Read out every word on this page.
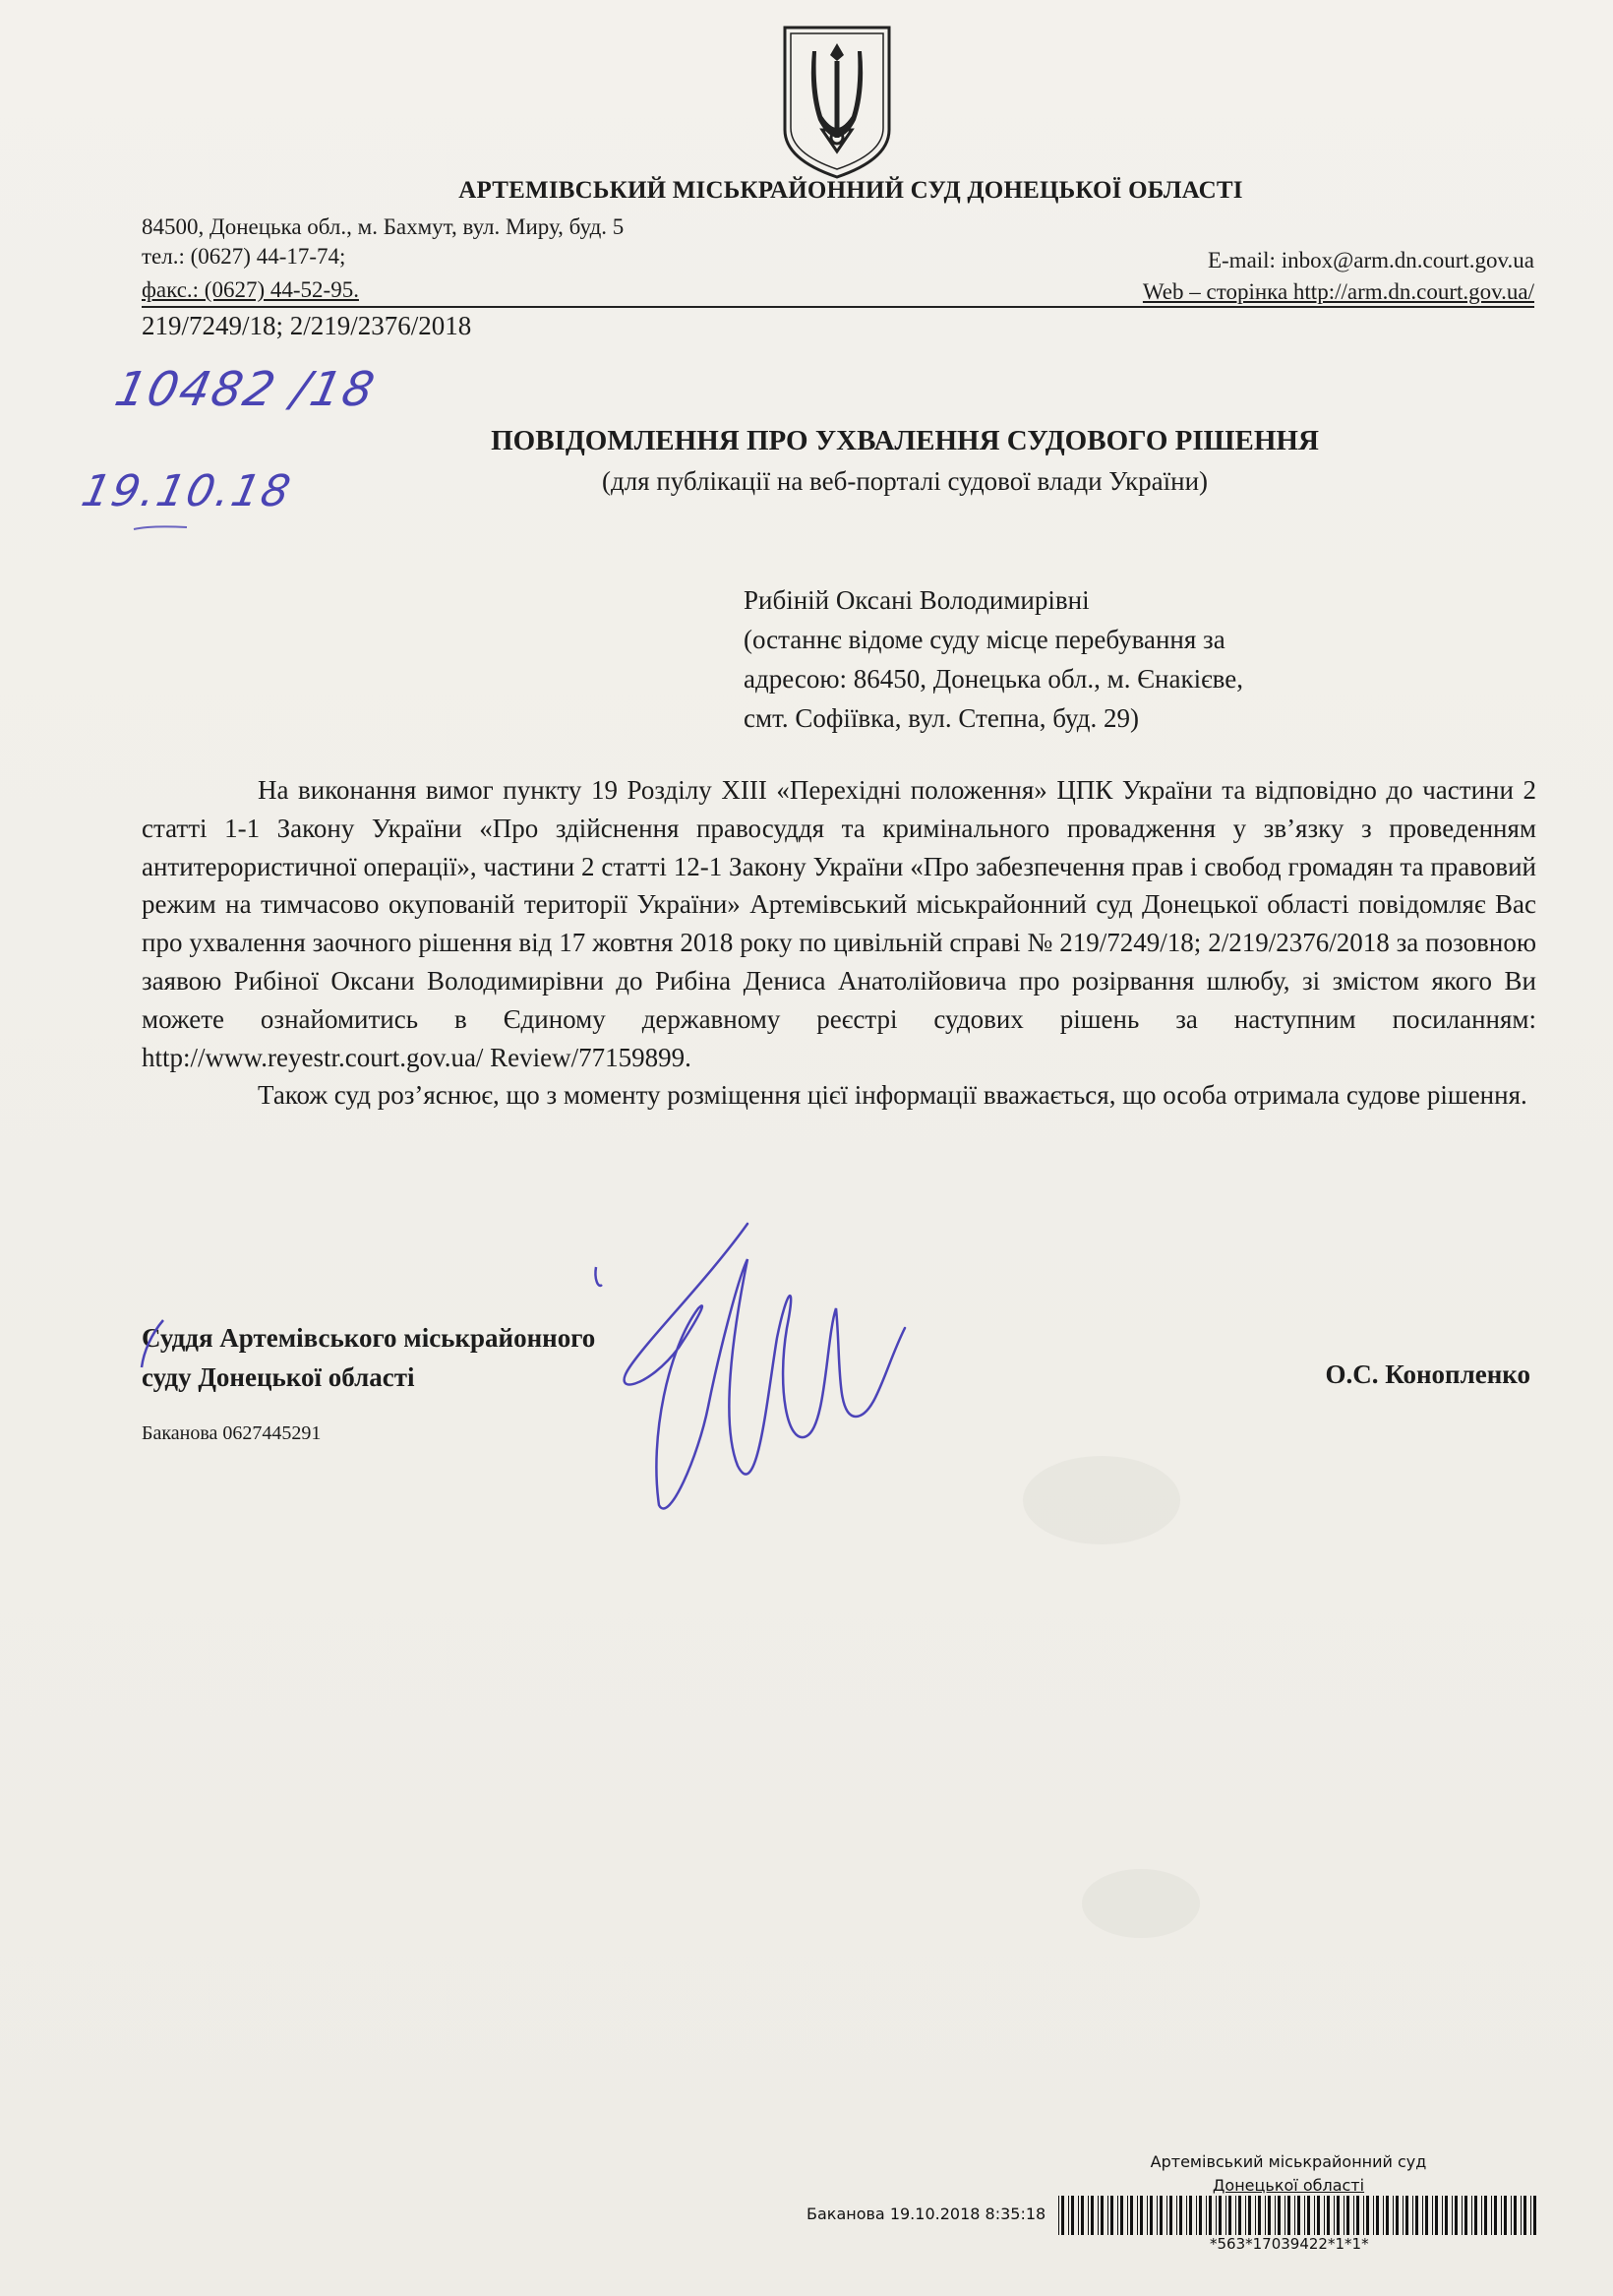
АРТЕМІВСЬКИЙ МІСЬКРАЙОННИЙ СУД ДОНЕЦЬКОЇ ОБЛАСТІ
84500, Донецька обл., м. Бахмут, вул. Миру, буд. 5
тел.: (0627) 44-17-74;
факс.: (0627) 44-52-95.
E-mail: inbox@arm.dn.court.gov.ua
Web – сторінка http://arm.dn.court.gov.ua/
219/7249/18; 2/219/2376/2018
10482 /18
19.10.18
ПОВІДОМЛЕННЯ ПРО УХВАЛЕННЯ СУДОВОГО РІШЕННЯ
(для публікації на веб-порталі судової влади України)
Рибіній Оксані Володимирівні
(останнє відоме суду місце перебування за
адресою: 86450, Донецька обл., м. Єнакієве,
смт. Софіївка, вул. Степна, буд. 29)

На виконання вимог пункту 19 Розділу XIII «Перехідні положення» ЦПК України та відповідно до частини 2 статті 1-1 Закону України «Про здійснення правосуддя та кримінального провадження у зв’язку з проведенням антитерористичної операції», частини 2 статті 12-1 Закону України «Про забезпечення прав і свобод громадян та правовий режим на тимчасово окупованій території України» Артемівський міськрайонний суд Донецької області повідомляє Вас про ухвалення заочного рішення від 17 жовтня 2018 року по цивільній справі № 219/7249/18; 2/219/2376/2018 за позовною заявою Рибіної Оксани Володимирівни до Рибіна Дениса Анатолійовича про розірвання шлюбу, зі змістом якого Ви можете ознайомитись в Єдиному державному реєстрі судових рішень за наступним посиланням: http://www.reyestr.court.gov.ua/ Review/77159899.

Також суд роз’яснює, що з моменту розміщення цієї інформації вважається, що особа отримала судове рішення.

Суддя Артемівського міськрайонного
суду Донецької області	О.С. Конопленко
Баканова 0627445291
Артемівський міськрайонний суд
Донецької області
Баканова 19.10.2018 8:35:18
*563*17039422*1*1*
